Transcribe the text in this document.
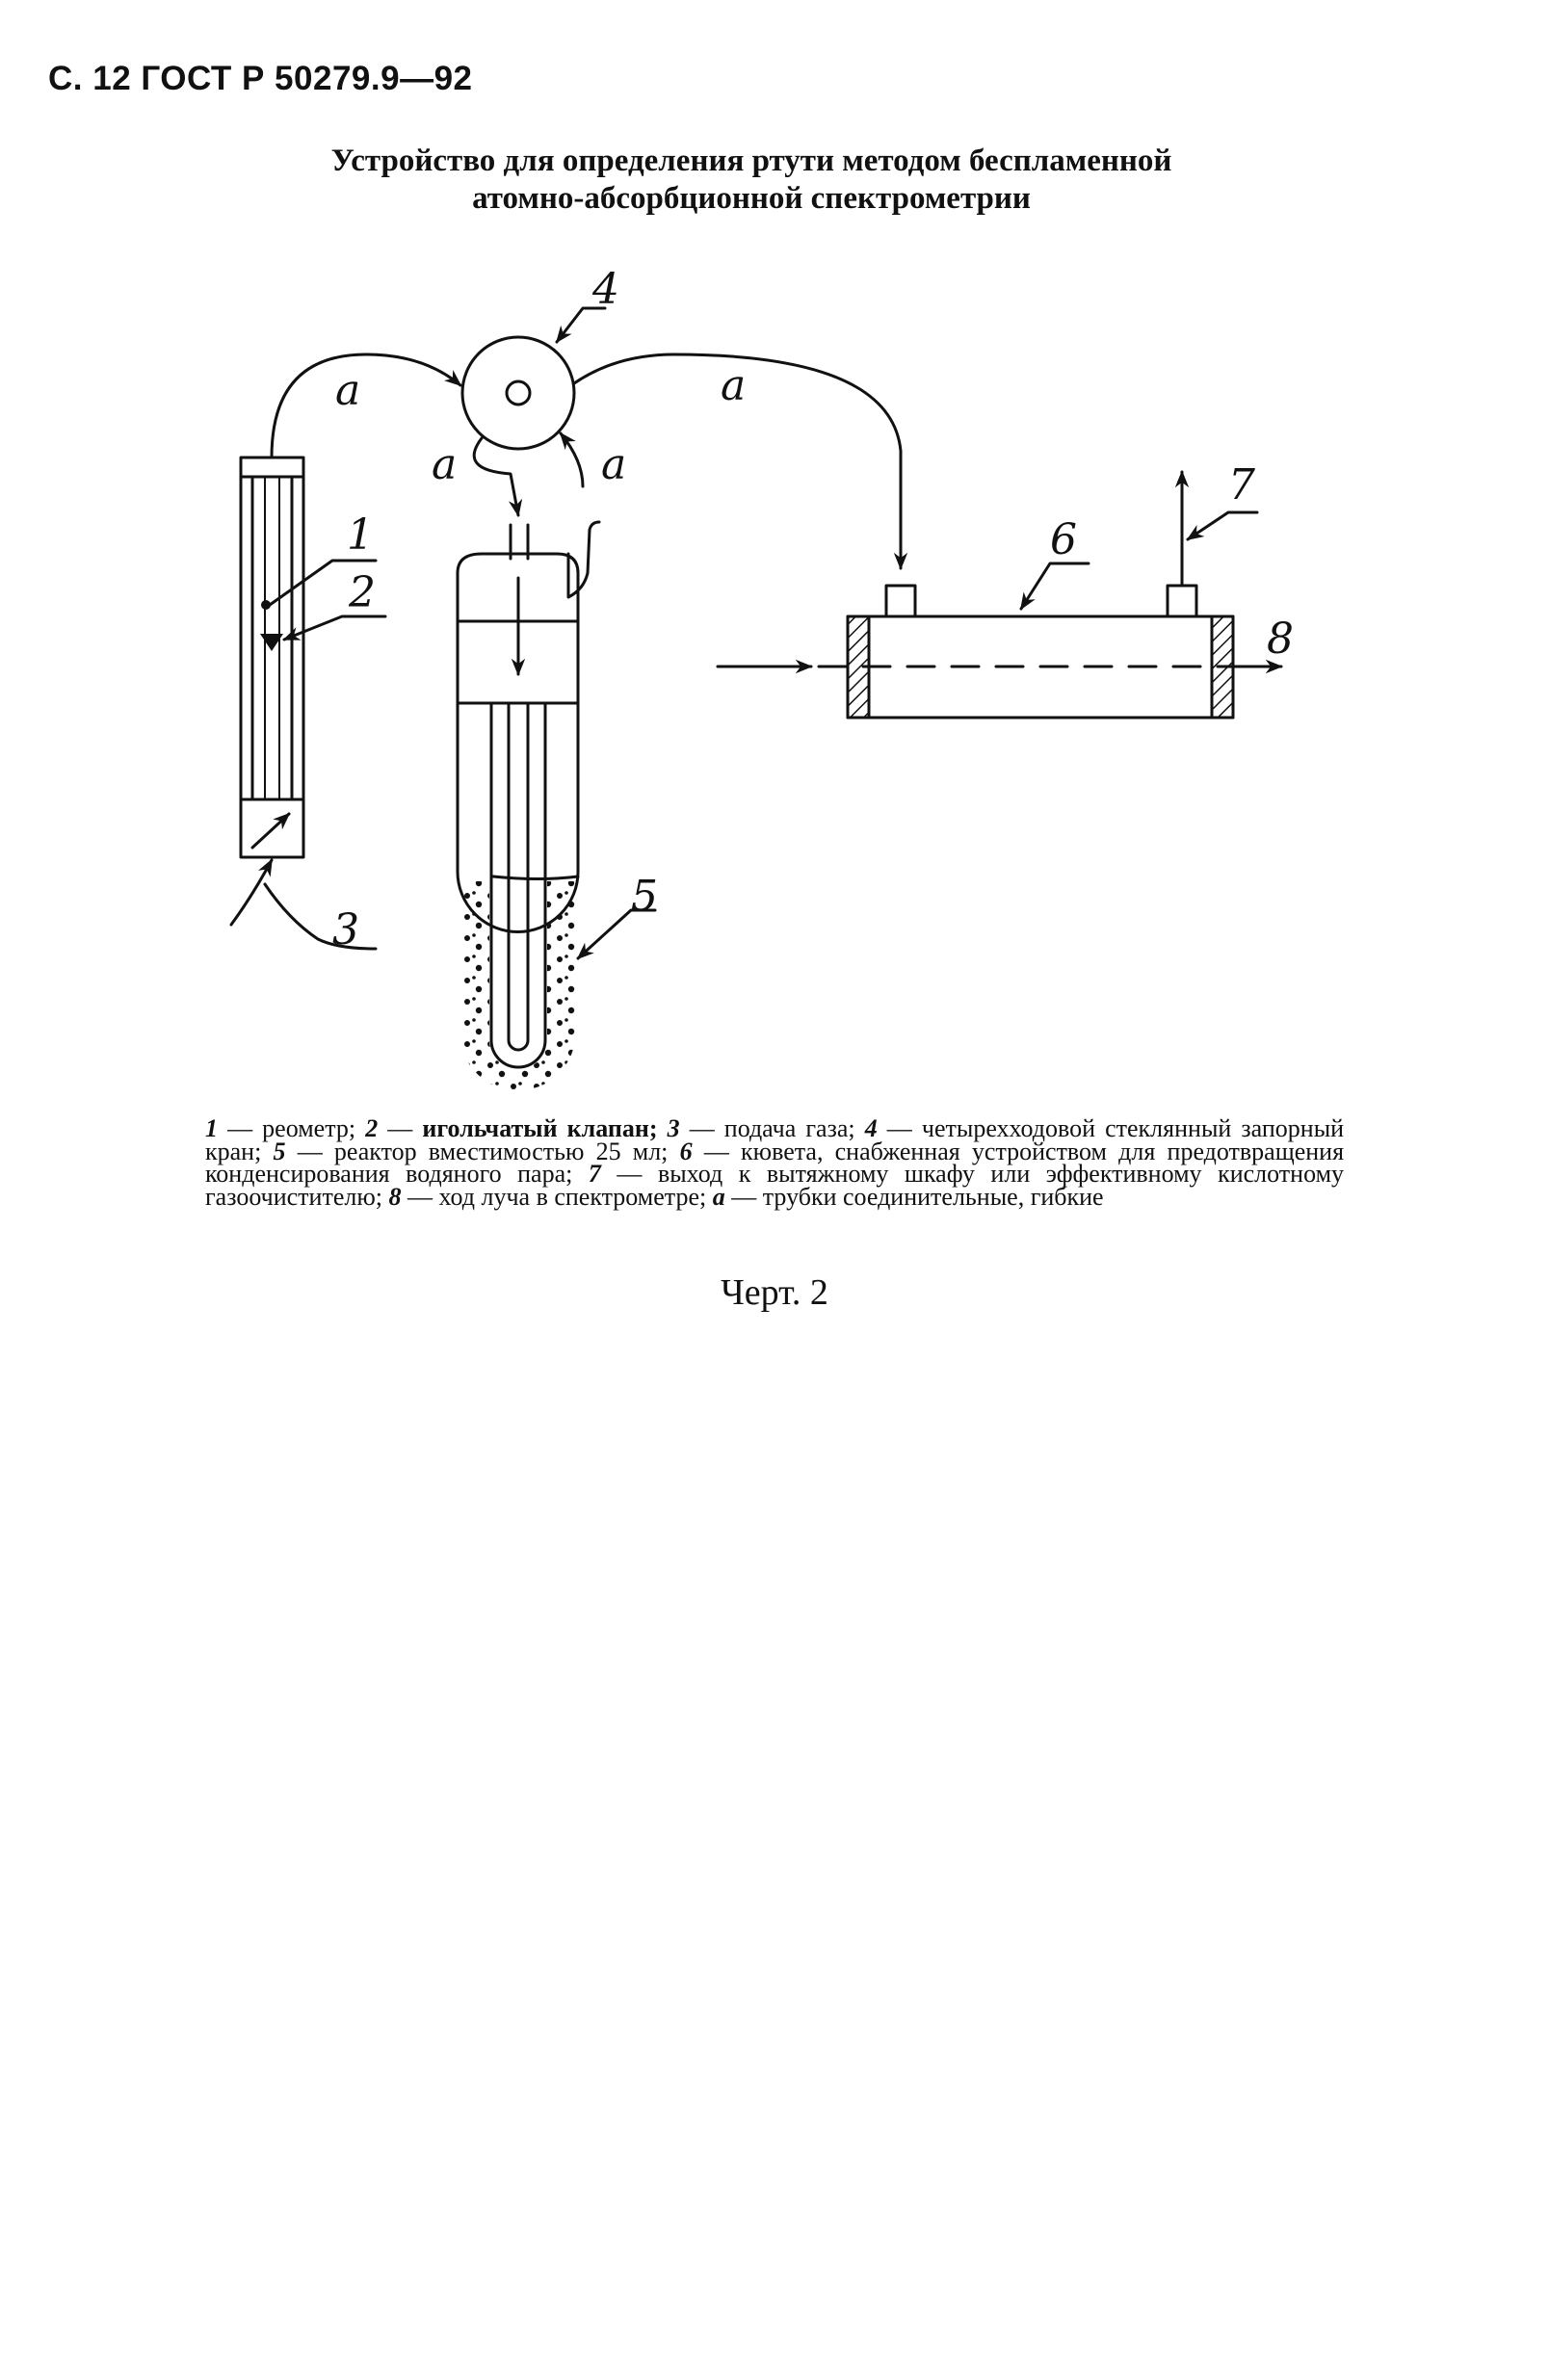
С. 12 ГОСТ Р 50279.9—92
Устройство для определения ртути методом беспламенной
атомно-абсорбционной спектрометрии
4
a	a
a	a
1
2
3
5
6
7
8
1 — реометр; 2 — игольчатый клапан; 3 — подача газа; 4 — четырехходовой стеклянный запорный кран; 5 — реактор вместимостью 25 мл; 6 — кювета, снабженная устройством для предотвращения конденсирования водяного пара; 7 — выход к вытяжному шкафу или эффективному кислотному газоочистителю; 8 — ход луча в спектрометре; a — трубки соединительные, гибкие
Черт. 2
